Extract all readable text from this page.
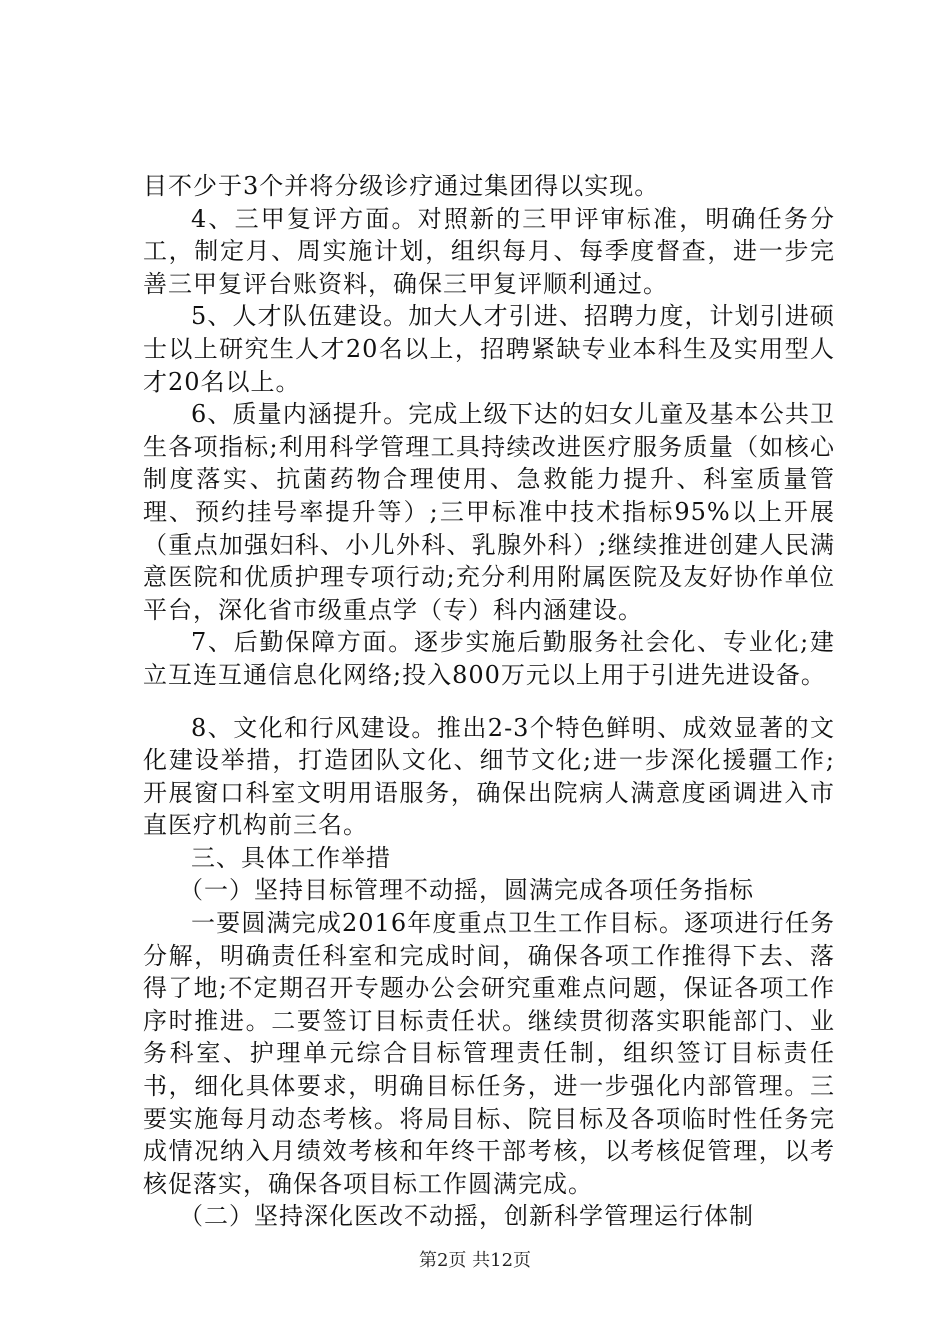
目不少于3个并将分级诊疗通过集团得以实现。

4、三甲复评方面。对照新的三甲评审标准，明确任务分工，制定月、周实施计划，组织每月、每季度督查，进一步完善三甲复评台账资料，确保三甲复评顺利通过。

5、人才队伍建设。加大人才引进、招聘力度，计划引进硕士以上研究生人才20名以上，招聘紧缺专业本科生及实用型人才20名以上。

6、质量内涵提升。完成上级下达的妇女儿童及基本公共卫生各项指标;利用科学管理工具持续改进医疗服务质量（如核心制度落实、抗菌药物合理使用、急救能力提升、科室质量管理、预约挂号率提升等）;三甲标准中技术指标95%以上开展（重点加强妇科、小儿外科、乳腺外科）;继续推进创建人民满意医院和优质护理专项行动;充分利用附属医院及友好协作单位平台，深化省市级重点学（专）科内涵建设。

7、后勤保障方面。逐步实施后勤服务社会化、专业化;建立互连互通信息化网络;投入800万元以上用于引进先进设备。

8、文化和行风建设。推出2-3个特色鲜明、成效显著的文化建设举措，打造团队文化、细节文化;进一步深化援疆工作;开展窗口科室文明用语服务，确保出院病人满意度函调进入市直医疗机构前三名。

三、具体工作举措

（一）坚持目标管理不动摇，圆满完成各项任务指标

一要圆满完成2016年度重点卫生工作目标。逐项进行任务分解，明确责任科室和完成时间，确保各项工作推得下去、落得了地;不定期召开专题办公会研究重难点问题，保证各项工作序时推进。二要签订目标责任状。继续贯彻落实职能部门、业务科室、护理单元综合目标管理责任制，组织签订目标责任书，细化具体要求，明确目标任务，进一步强化内部管理。三要实施每月动态考核。将局目标、院目标及各项临时性任务完成情况纳入月绩效考核和年终干部考核，以考核促管理，以考核促落实，确保各项目标工作圆满完成。

（二）坚持深化医改不动摇，创新科学管理运行体制

第2页 共12页
